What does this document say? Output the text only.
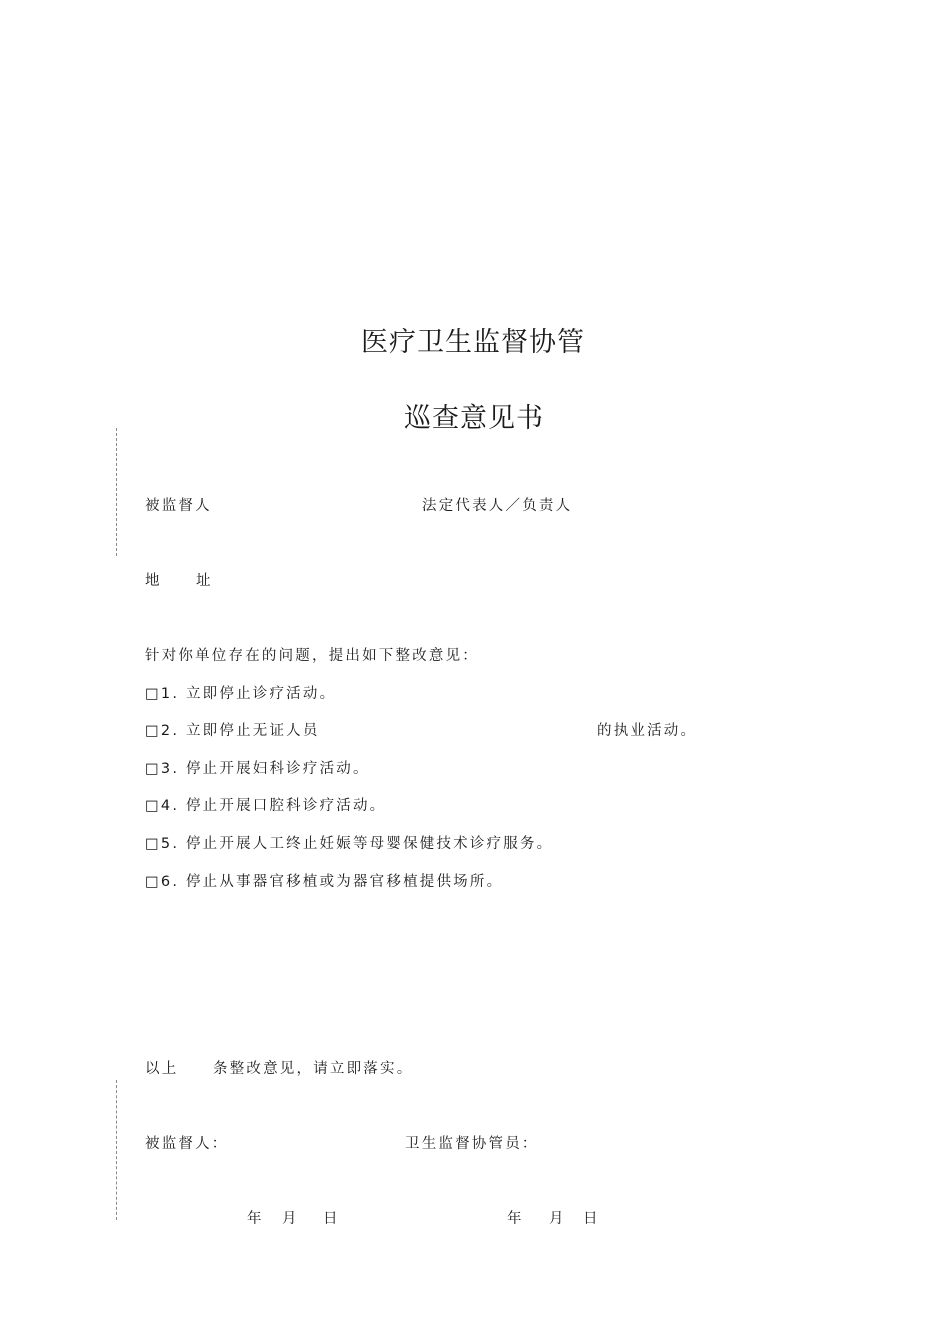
医疗卫生监督协管
巡查意见书
被监督人	法定代表人／负责人
地 址
针对你单位存在的问题，提出如下整改意见：
□1. 立即停止诊疗活动。
□2. 立即停止无证人员	的执业活动。
□3. 停止开展妇科诊疗活动。
□4. 停止开展口腔科诊疗活动。
□5. 停止开展人工终止妊娠等母婴保健技术诊疗服务。
□6. 停止从事器官移植或为器官移植提供场所。
以上 条整改意见，请立即落实。
被监督人：	卫生监督协管员：
年 月 日	年 月 日
